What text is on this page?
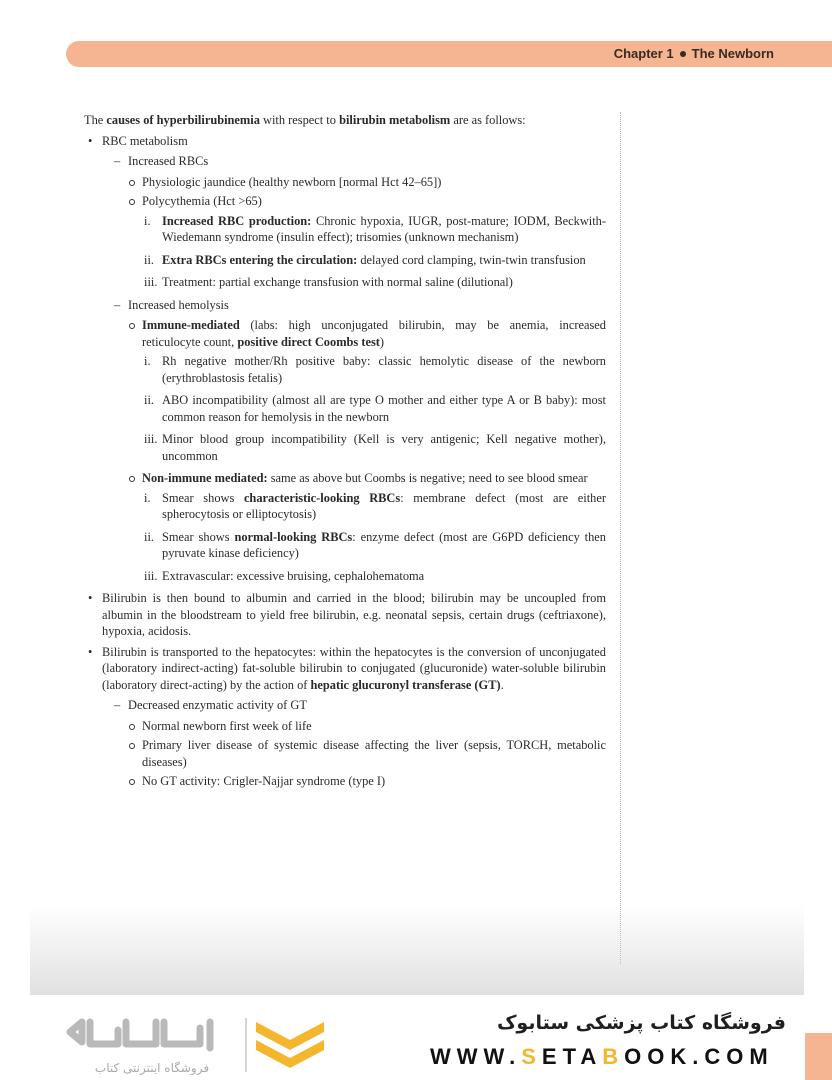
Chapter 1 The Newborn

The causes of hyperbilirubinemia with respect to bilirubin metabolism are as follows:

• RBC metabolism
– Increased RBCs
Physiologic jaundice (healthy newborn [normal Hct 42–65])
Polycythemia (Hct >65)
i. Increased RBC production: Chronic hypoxia, IUGR, post-mature; IODM, Beckwith-Wiedemann syndrome (insulin effect); trisomies (unknown mechanism)
ii. Extra RBCs entering the circulation: delayed cord clamping, twin-twin transfusion
iii. Treatment: partial exchange transfusion with normal saline (dilutional)
– Increased hemolysis
Immune-mediated (labs: high unconjugated bilirubin, may be anemia, increased reticulocyte count, positive direct Coombs test)
i. Rh negative mother/Rh positive baby: classic hemolytic disease of the newborn (erythroblastosis fetalis)
ii. ABO incompatibility (almost all are type O mother and either type A or B baby): most common reason for hemolysis in the newborn
iii. Minor blood group incompatibility (Kell is very antigenic; Kell negative mother), uncommon
Non-immune mediated: same as above but Coombs is negative; need to see blood smear
i. Smear shows characteristic-looking RBCs: membrane defect (most are either spherocytosis or elliptocytosis)
ii. Smear shows normal-looking RBCs: enzyme defect (most are G6PD deficiency then pyruvate kinase deficiency)
iii. Extravascular: excessive bruising, cephalohematoma
• Bilirubin is then bound to albumin and carried in the blood; bilirubin may be uncoupled from albumin in the bloodstream to yield free bilirubin, e.g. neonatal sepsis, certain drugs (ceftriaxone), hypoxia, acidosis.
• Bilirubin is transported to the hepatocytes: within the hepatocytes is the conversion of unconjugated (laboratory indirect-acting) fat-soluble bilirubin to conjugated (glucuronide) water-soluble bilirubin (laboratory direct-acting) by the action of hepatic glucuronyl transferase (GT).
– Decreased enzymatic activity of GT
Normal newborn first week of life
Primary liver disease of systemic disease affecting the liver (sepsis, TORCH, metabolic diseases)
No GT activity: Crigler-Najjar syndrome (type I)
فروشگاه اینترنتی کتاب
فروشگاه کتاب پزشکی ستابوک
WWW.SETABOOK.COM
